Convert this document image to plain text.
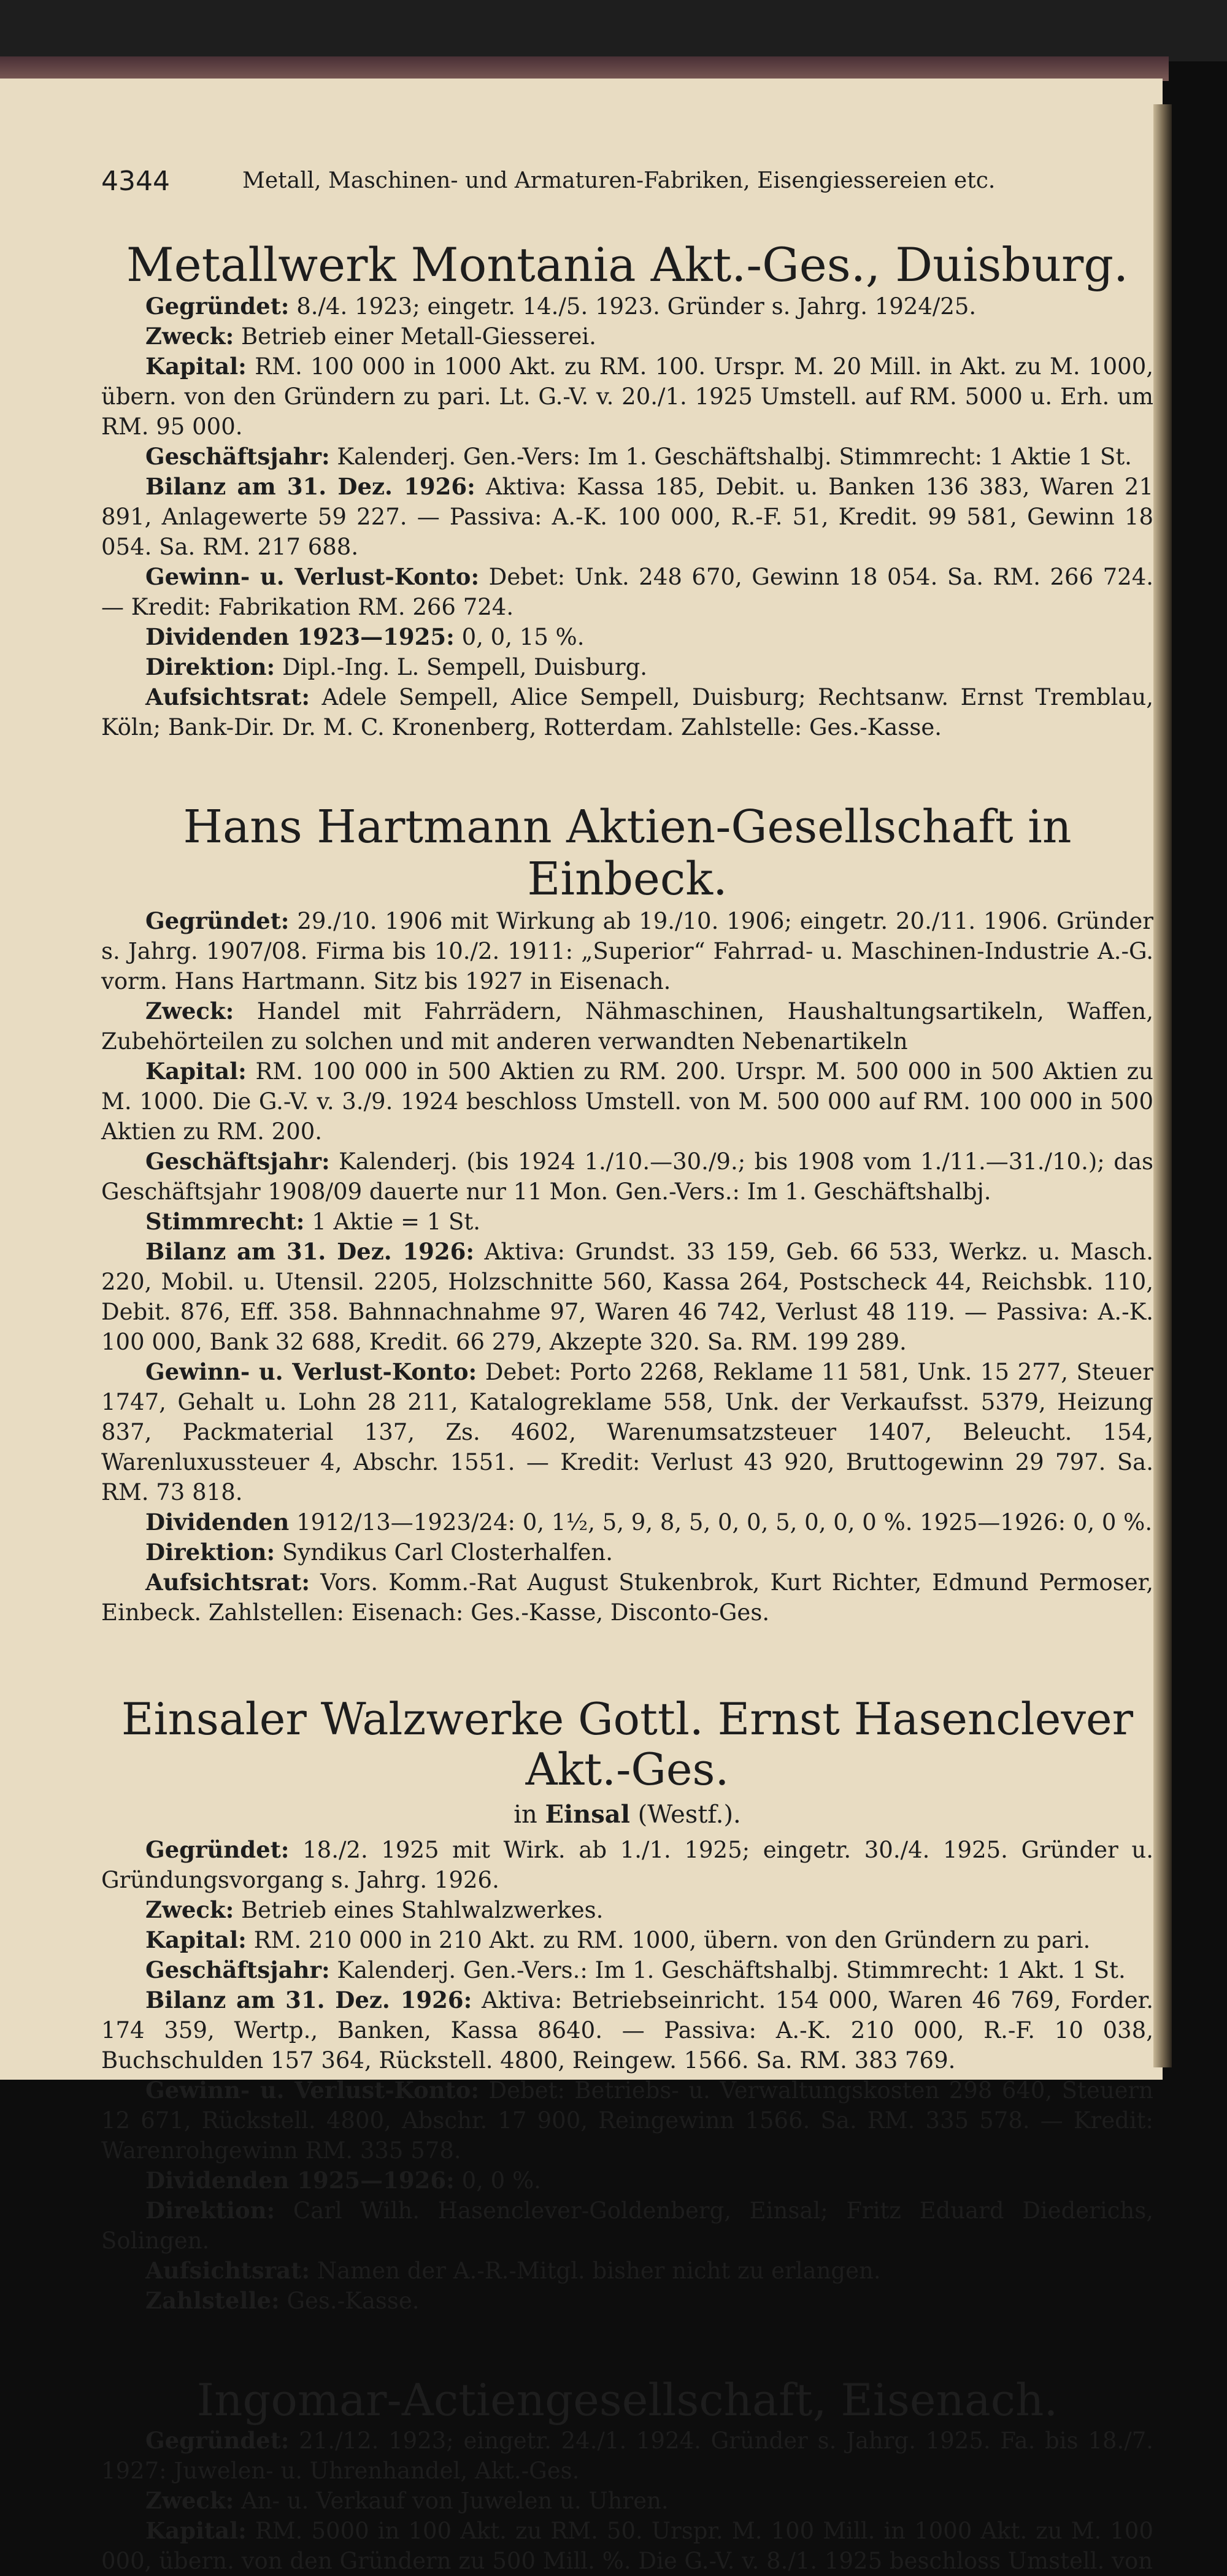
4344	Metall, Maschinen- und Armaturen-Fabriken, Eisengiessereien etc.
Metallwerk Montania Akt.-Ges., Duisburg.

Gegründet: 8./4. 1923; eingetr. 14./5. 1923. Gründer s. Jahrg. 1924/25.

Zweck: Betrieb einer Metall-Giesserei.

Kapital: RM. 100 000 in 1000 Akt. zu RM. 100. Urspr. M. 20 Mill. in Akt. zu M. 1000, übern. von den Gründern zu pari. Lt. G.-V. v. 20./1. 1925 Umstell. auf RM. 5000 u. Erh. um RM. 95 000.

Geschäftsjahr: Kalenderj. Gen.-Vers: Im 1. Geschäftshalbj. Stimmrecht: 1 Aktie 1 St.

Bilanz am 31. Dez. 1926: Aktiva: Kassa 185, Debit. u. Banken 136 383, Waren 21 891, Anlagewerte 59 227. — Passiva: A.-K. 100 000, R.-F. 51, Kredit. 99 581, Gewinn 18 054. Sa. RM. 217 688.

Gewinn- u. Verlust-Konto: Debet: Unk. 248 670, Gewinn 18 054. Sa. RM. 266 724. — Kredit: Fabrikation RM. 266 724.

Dividenden 1923—1925: 0, 0, 15 %.

Direktion: Dipl.-Ing. L. Sempell, Duisburg.

Aufsichtsrat: Adele Sempell, Alice Sempell, Duisburg; Rechtsanw. Ernst Tremblau, Köln; Bank-Dir. Dr. M. C. Kronenberg, Rotterdam. Zahlstelle: Ges.-Kasse.

Hans Hartmann Aktien-Gesellschaft in Einbeck.

Gegründet: 29./10. 1906 mit Wirkung ab 19./10. 1906; eingetr. 20./11. 1906. Gründer s. Jahrg. 1907/08. Firma bis 10./2. 1911: „Superior“ Fahrrad- u. Maschinen-Industrie A.-G. vorm. Hans Hartmann. Sitz bis 1927 in Eisenach.

Zweck: Handel mit Fahrrädern, Nähmaschinen, Haushaltungsartikeln, Waffen, Zubehörteilen zu solchen und mit anderen verwandten Nebenartikeln

Kapital: RM. 100 000 in 500 Aktien zu RM. 200. Urspr. M. 500 000 in 500 Aktien zu M. 1000. Die G.-V. v. 3./9. 1924 beschloss Umstell. von M. 500 000 auf RM. 100 000 in 500 Aktien zu RM. 200.

Geschäftsjahr: Kalenderj. (bis 1924 1./10.—30./9.; bis 1908 vom 1./11.—31./10.); das Geschäftsjahr 1908/09 dauerte nur 11 Mon. Gen.-Vers.: Im 1. Geschäftshalbj.

Stimmrecht: 1 Aktie = 1 St.

Bilanz am 31. Dez. 1926: Aktiva: Grundst. 33 159, Geb. 66 533, Werkz. u. Masch. 220, Mobil. u. Utensil. 2205, Holzschnitte 560, Kassa 264, Postscheck 44, Reichsbk. 110, Debit. 876, Eff. 358. Bahnnachnahme 97, Waren 46 742, Verlust 48 119. — Passiva: A.-K. 100 000, Bank 32 688, Kredit. 66 279, Akzepte 320. Sa. RM. 199 289.

Gewinn- u. Verlust-Konto: Debet: Porto 2268, Reklame 11 581, Unk. 15 277, Steuer 1747, Gehalt u. Lohn 28 211, Katalogreklame 558, Unk. der Verkaufsst. 5379, Heizung 837, Packmaterial 137, Zs. 4602, Warenumsatzsteuer 1407, Beleucht. 154, Warenluxussteuer 4, Abschr. 1551. — Kredit: Verlust 43 920, Bruttogewinn 29 797. Sa. RM. 73 818.

Dividenden 1912/13—1923/24: 0, 1½, 5, 9, 8, 5, 0, 0, 5, 0, 0, 0 %. 1925—1926: 0, 0 %.

Direktion: Syndikus Carl Closterhalfen.

Aufsichtsrat: Vors. Komm.-Rat August Stukenbrok, Kurt Richter, Edmund Permoser, Einbeck. Zahlstellen: Eisenach: Ges.-Kasse, Disconto-Ges.

Einsaler Walzwerke Gottl. Ernst Hasenclever Akt.-Ges.
in Einsal (Westf.).

Gegründet: 18./2. 1925 mit Wirk. ab 1./1. 1925; eingetr. 30./4. 1925. Gründer u. Gründungsvorgang s. Jahrg. 1926.

Zweck: Betrieb eines Stahlwalzwerkes.

Kapital: RM. 210 000 in 210 Akt. zu RM. 1000, übern. von den Gründern zu pari.

Geschäftsjahr: Kalenderj. Gen.-Vers.: Im 1. Geschäftshalbj. Stimmrecht: 1 Akt. 1 St.

Bilanz am 31. Dez. 1926: Aktiva: Betriebseinricht. 154 000, Waren 46 769, Forder. 174 359, Wertp., Banken, Kassa 8640. — Passiva: A.-K. 210 000, R.-F. 10 038, Buchschulden 157 364, Rückstell. 4800, Reingew. 1566. Sa. RM. 383 769.

Gewinn- u. Verlust-Konto: Debet: Betriebs- u. Verwaltungskosten 298 640, Steuern 12 671, Rückstell. 4800, Abschr. 17 900, Reingewinn 1566. Sa. RM. 335 578. — Kredit: Warenrohgewinn RM. 335 578.

Dividenden 1925—1926: 0, 0 %.

Direktion: Carl Wilh. Hasenclever-Goldenberg, Einsal; Fritz Eduard Diederichs, Solingen.

Aufsichtsrat: Namen der A.-R.-Mitgl. bisher nicht zu erlangen.

Zahlstelle: Ges.-Kasse.

Ingomar-Actiengesellschaft, Eisenach.

Gegründet: 21./12. 1923; eingetr. 24./1. 1924. Gründer s. Jahrg. 1925. Fa. bis 18./7. 1927: Juwelen- u. Uhrenhandel, Akt.-Ges.

Zweck: An- u. Verkauf von Juwelen u. Uhren.

Kapital: RM. 5000 in 100 Akt. zu RM. 50. Urspr. M. 100 Mill. in 1000 Akt. zu M. 100 000, übern. von den Gründern zu 500 Mill. %. Die G.-V. v. 8./1. 1925 beschloss Umstell. von
